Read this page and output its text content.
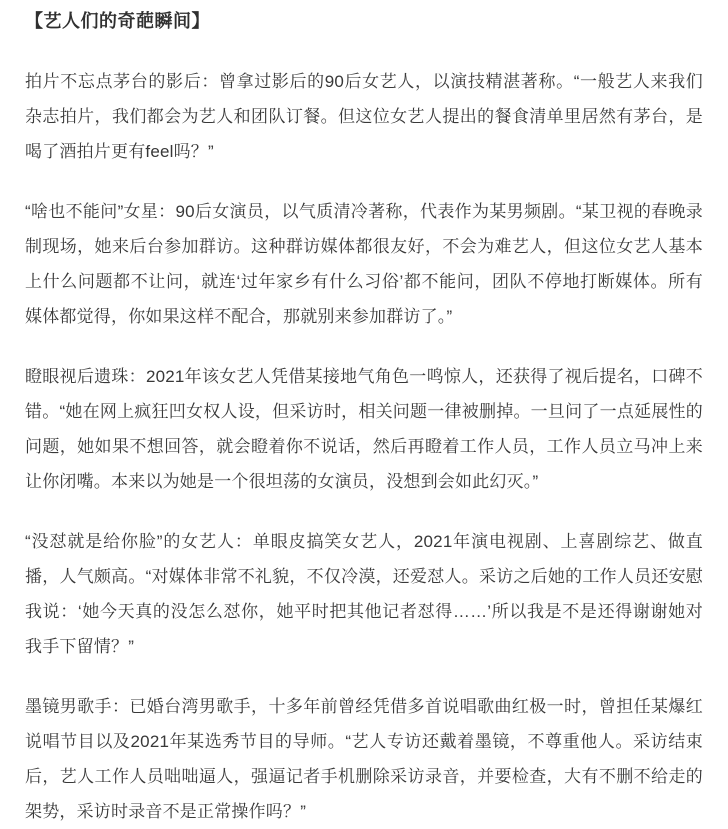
【艺人们的奇葩瞬间】

拍片不忘点茅台的影后：曾拿过影后的90后女艺人，以演技精湛著称。“一般艺人来我们杂志拍片，我们都会为艺人和团队订餐。但这位女艺人提出的餐食清单里居然有茅台，是喝了酒拍片更有feel吗？”

“啥也不能问”女星：90后女演员，以气质清冷著称，代表作为某男频剧。“某卫视的春晚录制现场，她来后台参加群访。这种群访媒体都很友好，不会为难艺人，但这位女艺人基本上什么问题都不让问，就连‘过年家乡有什么习俗’都不能问，团队不停地打断媒体。所有媒体都觉得，你如果这样不配合，那就别来参加群访了。”

瞪眼视后遗珠：2021年该女艺人凭借某接地气角色一鸣惊人，还获得了视后提名，口碑不错。“她在网上疯狂凹女权人设，但采访时，相关问题一律被删掉。一旦问了一点延展性的问题，她如果不想回答，就会瞪着你不说话，然后再瞪着工作人员，工作人员立马冲上来让你闭嘴。本来以为她是一个很坦荡的女演员，没想到会如此幻灭。”

“没怼就是给你脸”的女艺人：单眼皮搞笑女艺人，2021年演电视剧、上喜剧综艺、做直播，人气颇高。“对媒体非常不礼貌，不仅冷漠，还爱怼人。采访之后她的工作人员还安慰我说：‘她今天真的没怎么怼你，她平时把其他记者怼得……’所以我是不是还得谢谢她对我手下留情？”

墨镜男歌手：已婚台湾男歌手，十多年前曾经凭借多首说唱歌曲红极一时，曾担任某爆红说唱节目以及2021年某选秀节目的导师。“艺人专访还戴着墨镜，不尊重他人。采访结束后，艺人工作人员咄咄逼人，强逼记者手机删除采访录音，并要检查，大有不删不给走的架势，采访时录音不是正常操作吗？”
